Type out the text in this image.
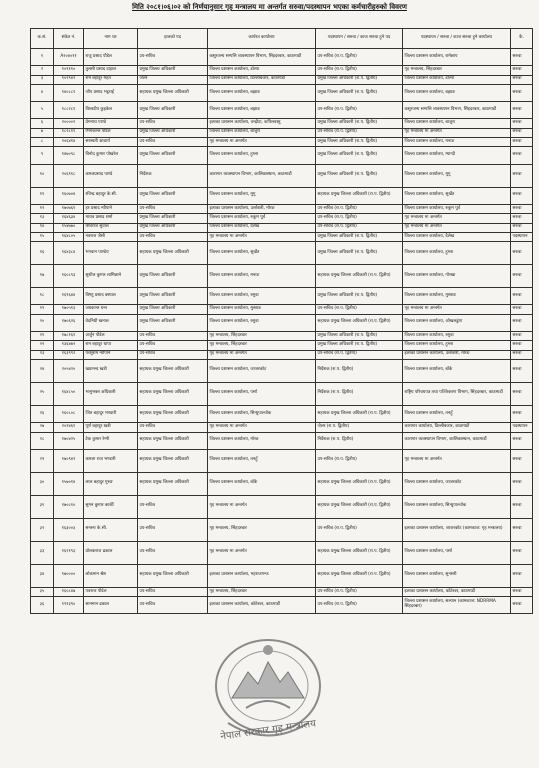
मिति २०८१।०६।०२ को निर्णयानुसार गृह मन्त्रालय मा अन्तर्गत सरुवा/पदस्थापन भएका कर्मचारीहरुको विवरण
क.सं.	संकेत नं.	नाम थर	हालको पद	कार्यरत कार्यालय	पदस्थापन / सरुवा / काज सरुवा हुने पद	पदस्थापन / सरुवा / काज सरुवा हुने कार्यालय	कै.
१	A२०४०११	राजु प्रसाद पौडेल	उप-सचिव	कसुरजन्य सम्पत्ति व्यवस्थापन विभाग, सिंहदरबार, काठमाडौं	उप-सचिव (रा.प. द्वितीय)	जिल्ला प्रशासन कार्यालय, रामेछाप	सरुवा
२	१०९११०	तुलसी प्रसाद दाहाल	प्रमुख जिल्ला अधिकारी	जिल्ला प्रशासन कार्यालय, डोल्पा	उप-सचिव (रा.प. द्वितीय)	गृह मन्त्रालय, सिंहदरबार	सरुवा
३	१०२९४२	राम बहादुर महत	जेलर	जिल्ला प्रशासन कार्यालय, डिल्लीबजार, काठमाडौं	प्रमुख जिल्ला अधिकारी (रा.प. द्वितीय)	जिल्ला प्रशासन कार्यालय, डोल्पा	सरुवा
४	१४०८८१	जीप प्रसाद भट्टराई	सहायक प्रमुख जिल्ला अधिकारी	जिल्ला प्रशासन कार्यालय, बझाङ	प्रमुख जिल्ला अधिकारी (रा.प. द्वितीय)	जिल्ला प्रशासन कार्यालय, बझाङ	सरुवा
५	१८८२८१	विश्वदीप कुइकेल	प्रमुख जिल्ला अधिकारी	जिल्ला प्रशासन कार्यालय, बझाङ	उप-सचिव (रा.प. द्वितीय)	कसुरजन्य सम्पत्ति व्यवस्थापन विभाग, सिंहदरबार, काठमाडौं	सरुवा
६	२००००२	प्रेमनाथ पाण्डे	उप-सचिव	इलाका प्रशासन कार्यालय, चन्द्रौटा, कपिलवस्तु	प्रमुख जिल्ला अधिकारी (रा.प. द्वितीय)	जिल्ला प्रशासन कार्यालय, बाजुरा	सरुवा
७	१८२८११	भिमकान्त पौडेल	प्रमुख जिल्ला अधिकारी	जिल्ला प्रशासन कार्यालय, बाजुरा	उप-सचिव (रा.प. द्वितीय)	गृह मन्त्रालय मा अन्तर्गत	सरुवा
८	२०६४१४	सरस्वती आचार्य	उप-सचिव	गृह मन्त्रालय मा अन्तर्गत	प्रमुख जिल्ला अधिकारी (रा.प. द्वितीय)	जिल्ला प्रशासन कार्यालय, मनाङ	सरुवा
९	१४७०९८	विनोद कुमार पोखरेल	प्रमुख जिल्ला अधिकारी	जिल्ला प्रशासन कार्यालय, हुम्ला	प्रमुख जिल्ला अधिकारी (रा.प. द्वितीय)	जिल्ला प्रशासन कार्यालय, म्याग्दी	सरुवा
१०	२०६९१८	कमलप्रसाद पाण्डे	निर्देशक	कारागार व्यवस्थापन विभाग, कालिकास्थान, काठमाडौं	प्रमुख जिल्ला अधिकारी (रा.प. द्वितीय)	जिल्ला प्रशासन कार्यालय, मुगु	सरुवा
११	१६०७०४	रविन्द्र बहादुर के.सी.	प्रमुख जिल्ला अधिकारी	जिल्ला प्रशासन कार्यालय, मुगु	सहायक प्रमुख जिल्ला अधिकारी (रा.प. द्वितीय)	जिल्ला प्रशासन कार्यालय, सुर्खेत	सरुवा
१२	१७०७६१	हर प्रसाद न्यौपाने	उप-सचिव	इलाका प्रशासन कार्यालय, उर्लाबारी, मोरङ	उप-सचिव (रा.प. द्वितीय)	जिल्ला प्रशासन कार्यालय, रुकुम पूर्व	सरुवा
१३	१६४६३४	माधव प्रसाद शर्मा	प्रमुख जिल्ला अधिकारी	जिल्ला प्रशासन कार्यालय, रुकुम पूर्व	उप-सचिव (रा.प. द्वितीय)	गृह मन्त्रालय मा अन्तर्गत	सरुवा
१४	१५४७७०	शिवराज सुवाल	प्रमुख जिल्ला अधिकारी	जिल्ला प्रशासन कार्यालय, दैलेख	उप-सचिव (रा.प. द्वितीय)	गृह मन्त्रालय मा अन्तर्गत	सरुवा
१५	१६४८०५	नवराज जैसी	उप-सचिव	गृह मन्त्रालय मा अन्तर्गत	प्रमुख जिल्ला अधिकारी (रा.प. द्वितीय)	जिल्ला प्रशासन कार्यालय, दैलेख	पदस्थापन
१६	१६४३८४	भगवान पाण्डेय	सहायक प्रमुख जिल्ला अधिकारी	जिल्ला प्रशासन कार्यालय, सुर्खेत	प्रमुख जिल्ला अधिकारी (रा.प. द्वितीय)	जिल्ला प्रशासन कार्यालय, हुम्ला	सरुवा
१७	१६०८९३	सुशील कुमार लामिछाने	प्रमुख जिल्ला अधिकारी	जिल्ला प्रशासन कार्यालय, मनाङ	सहायक प्रमुख जिल्ला अधिकारी (रा.प. द्वितीय)	जिल्ला प्रशासन कार्यालय, गोरखा	सरुवा
१८	१६९६४४	विष्णु प्रसाद बस्याल	प्रमुख जिल्ला अधिकारी	जिल्ला प्रशासन कार्यालय, रसुवा	प्रमुख जिल्ला अधिकारी (रा.प. द्वितीय)	जिल्ला प्रशासन कार्यालय, मुस्ताङ	सरुवा
१९	१७०५१३	जयकान्त यन्त	प्रमुख जिल्ला अधिकारी	जिल्ला प्रशासन कार्यालय, मुस्ताङ	उप-सचिव (रा.प. द्वितीय)	गृह मन्त्रालय मा अन्तर्गत	सरुवा
२०	१७०६२६	वेदनिधी खनाल	प्रमुख जिल्ला अधिकारी	जिल्ला प्रशासन कार्यालय, रसुवा	सहायक प्रमुख जिल्ला अधिकारी (रा.प. द्वितीय)	जिल्ला प्रशासन कार्यालय, ओखलढुंगा	सरुवा
२१	१७८१६१	अर्जुन पौडेल	उप-सचिव	गृह मन्त्रालय, सिंहदरबार	प्रमुख जिल्ला अधिकारी (रा.प. द्वितीय)	जिल्ला प्रशासन कार्यालय, रसुवा	सरुवा
२२	१३६४७२	राम बहादुर थापा	उप-सचिव	गृह मन्त्रालय, सिंहदरबार	प्रमुख जिल्ला अधिकारी (रा.प. द्वितीय)	जिल्ला प्रशासन कार्यालय, हुम्ला	सरुवा
२३	१६३९९२	परशुराम न्यौपाने	उप-सचिव	गृह मन्त्रालय मा अन्तर्गत	उप-सचिव (रा.प. द्वितीय)	इलाका प्रशासन कार्यालय, उर्लाबारी, मोरङ	सरुवा
२४	२०५४२०	खडानन्द खत्री	सहायक प्रमुख जिल्ला अधिकारी	जिल्ला प्रशासन कार्यालय, जाजरकोट	निर्देशक (रा.प. द्वितीय)	जिल्ला प्रशासन कार्यालय, बाँके	सरुवा
२५	१६४८५०	भानुभक्त अधिकारी	सहायक प्रमुख जिल्ला अधिकारी	जिल्ला प्रशासन कार्यालय, पर्सा	निर्देशक (रा.प. द्वितीय)	राष्ट्रिय परिचयपत्र तथा पञ्जिकरण विभाग, सिंहदरबार, काठमाडौं	सरुवा
२६	१६०८०८	जित बहादुर भण्डारी	सहायक प्रमुख जिल्ला अधिकारी	जिल्ला प्रशासन कार्यालय, सिन्धुपाल्चोक	सहायक प्रमुख जिल्ला अधिकारी (रा.प. द्वितीय)	जिल्ला प्रशासन कार्यालय, तनहुँ	सरुवा
२७	२०२४६१	पूर्ण बहादुर खत्री	उप-सचिव	गृह मन्त्रालय मा अन्तर्गत	जेलर (रा.प. द्वितीय)	कारागार कार्यालय, डिल्लीबजार, काठमाडौं	पदस्थापन
२८	१७०४२५	टेक कुमार रेग्मी	सहायक प्रमुख जिल्ला अधिकारी	जिल्ला प्रशासन कार्यालय, मोरङ	निर्देशक (रा.प. द्वितीय)	कारागार व्यवस्थापन विभाग, कालिकास्थान, काठमाडौं	सरुवा
२९	१७०९४२	कमला राज भण्डारी	सहायक प्रमुख जिल्ला अधिकारी	जिल्ला प्रशासन कार्यालय, तनहुँ	उप-सचिव (रा.प. द्वितीय)	गृह मन्त्रालय मा अन्तर्गत	सरुवा
३०	१५७०१४	लाल बहादुर गुरुङ	सहायक प्रमुख जिल्ला अधिकारी	जिल्ला प्रशासन कार्यालय, बाँके	सहायक प्रमुख जिल्ला अधिकारी (रा.प. द्वितीय)	जिल्ला प्रशासन कार्यालय, जाजरकोट	सरुवा
३१	१७०८१०	सुमन कुमार कार्की	उप-सचिव	गृह मन्त्रालय मा अन्तर्गत	सहायक प्रमुख जिल्ला अधिकारी (रा.प. द्वितीय)	जिल्ला प्रशासन कार्यालय, सिन्धुपाल्चोक	सरुवा
३२	१६३००३	सन्तना के.सी.	उप-सचिव	गृह मन्त्रालय, सिंहदरबार	उप-सचिव (रा.प. द्वितीय)	इलाका प्रशासन कार्यालय, जाजरकोट (कामकाज: गृह मन्त्रालय)	सरुवा
३३	१६२१९३	प्रोलकराज ढकाल	उप-सचिव	गृह मन्त्रालय मा अन्तर्गत	सहायक प्रमुख जिल्ला अधिकारी (रा.प. द्वितीय)	जिल्ला प्रशासन कार्यालय, पर्सा	सरुवा
३४	१७००००	लोकमान श्रेष्ठ	सहायक प्रमुख जिल्ला अधिकारी	इलाका प्रशासन कार्यालय, महराजगन्ज	सहायक प्रमुख जिल्ला अधिकारी (रा.प. द्वितीय)	जिल्ला प्रशासन कार्यालय, सुनसरी	सरुवा
३५	१६०८४७	पवराज पौडेल	उप-सचिव	गृह मन्त्रालय, सिंहदरबार	उप-सचिव (रा.प. द्वितीय)	इलाका प्रशासन कार्यालय, कोटेश्वर, काठमाडौं	सरुवा
३६	१९१३९०	सानमान ढकाल	उप-सचिव	इलाका प्रशासन कार्यालय, कोटेश्वर, काठमाडौं	उप-सचिव (रा.प. द्वितीय)	जिल्ला प्रशासन कार्यालय, सल्यान (कामकाज: NDRRMA सिंहदरबार)	सरुवा
नेपाल सरकार गृह मन्त्रालय
